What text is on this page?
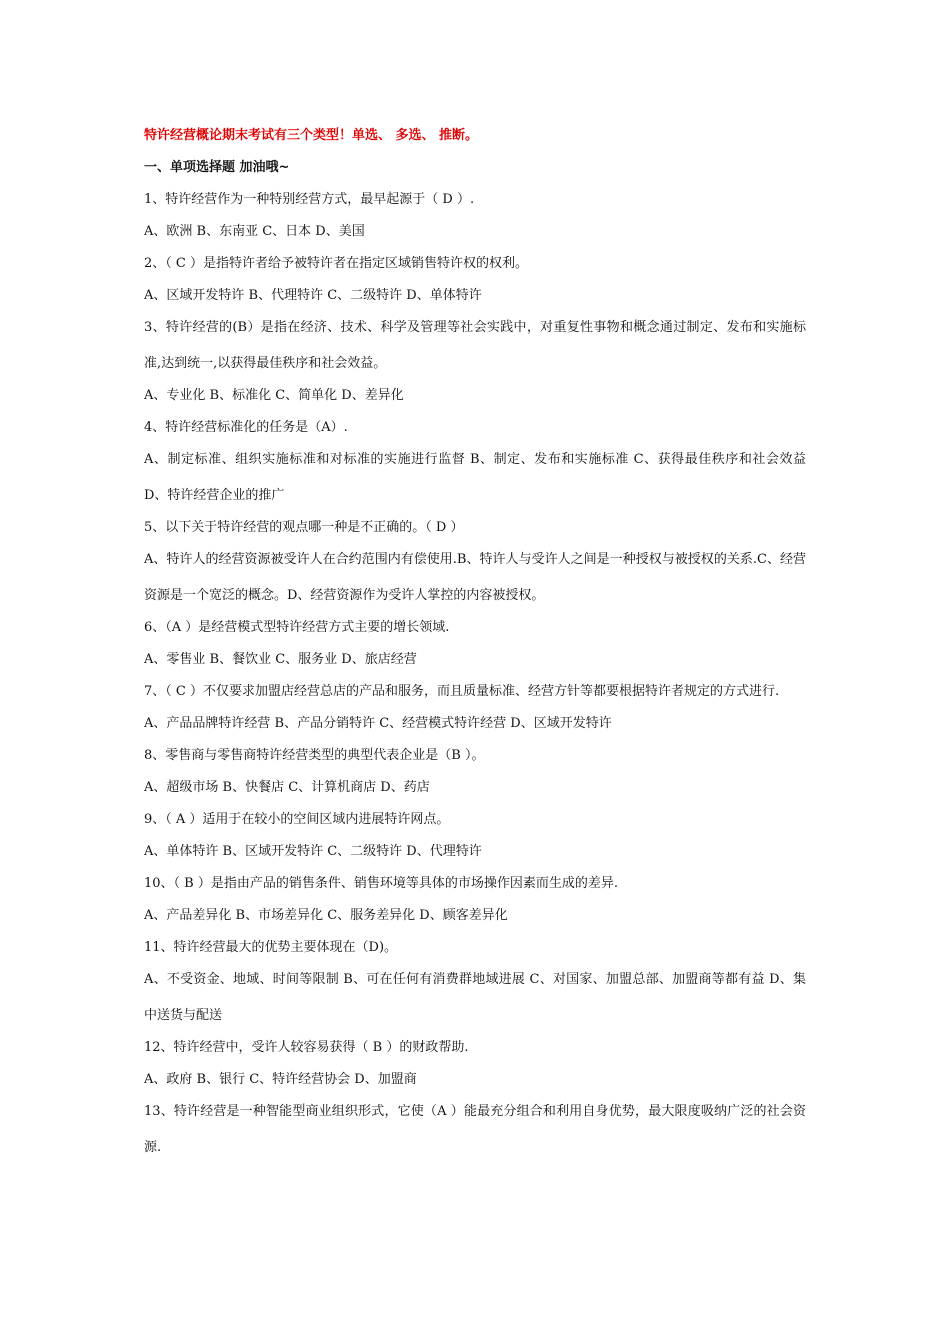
特许经营概论期末考试有三个类型！单选、 多选、 推断。
一、单项选择题 加油哦~
1、特许经营作为一种特别经营方式，最早起源于（ D ）.
A、欧洲 B、东南亚 C、日本 D、美国
2、（ C ）是指特许者给予被特许者在指定区域销售特许权的权利。
A、区域开发特许 B、代理特许 C、二级特许 D、单体特许
3、特许经营的(B）是指在经济、技术、科学及管理等社会实践中，对重复性事物和概念通过制定、发布和实施标准,达到统一,以获得最佳秩序和社会效益。
A、专业化 B、标准化 C、简单化 D、差异化
4、特许经营标准化的任务是（A）.
A、制定标准、组织实施标准和对标准的实施进行监督 B、制定、发布和实施标准 C、获得最佳秩序和社会效益 D、特许经营企业的推广
5、以下关于特许经营的观点哪一种是不正确的。（ D ）
A、特许人的经营资源被受许人在合约范围内有偿使用.B、特许人与受许人之间是一种授权与被授权的关系.C、经营资源是一个宽泛的概念。D、经营资源作为受许人掌控的内容被授权。
6、（A ）是经营模式型特许经营方式主要的增长领域.
A、零售业 B、餐饮业 C、服务业 D、旅店经营
7、（ C ）不仅要求加盟店经营总店的产品和服务，而且质量标准、经营方针等都要根据特许者规定的方式进行.
A、产品品牌特许经营 B、产品分销特许 C、经营模式特许经营 D、区域开发特许
8、零售商与零售商特许经营类型的典型代表企业是（B ）。
A、超级市场 B、快餐店 C、计算机商店 D、药店
9、（ A ）适用于在较小的空间区域内进展特许网点。
A、单体特许 B、区域开发特许 C、二级特许 D、代理特许
10、（ B ）是指由产品的销售条件、销售环境等具体的市场操作因素而生成的差异.
A、产品差异化 B、市场差异化 C、服务差异化 D、顾客差异化
11、特许经营最大的优势主要体现在（D)。
A、不受资金、地域、时间等限制 B、可在任何有消费群地域进展 C、对国家、加盟总部、加盟商等都有益 D、集中送货与配送
12、特许经营中，受许人较容易获得（ B ）的财政帮助.
A、政府 B、银行 C、特许经营协会 D、加盟商
13、特许经营是一种智能型商业组织形式，它使（A ）能最充分组合和利用自身优势，最大限度吸纳广泛的社会资源.
